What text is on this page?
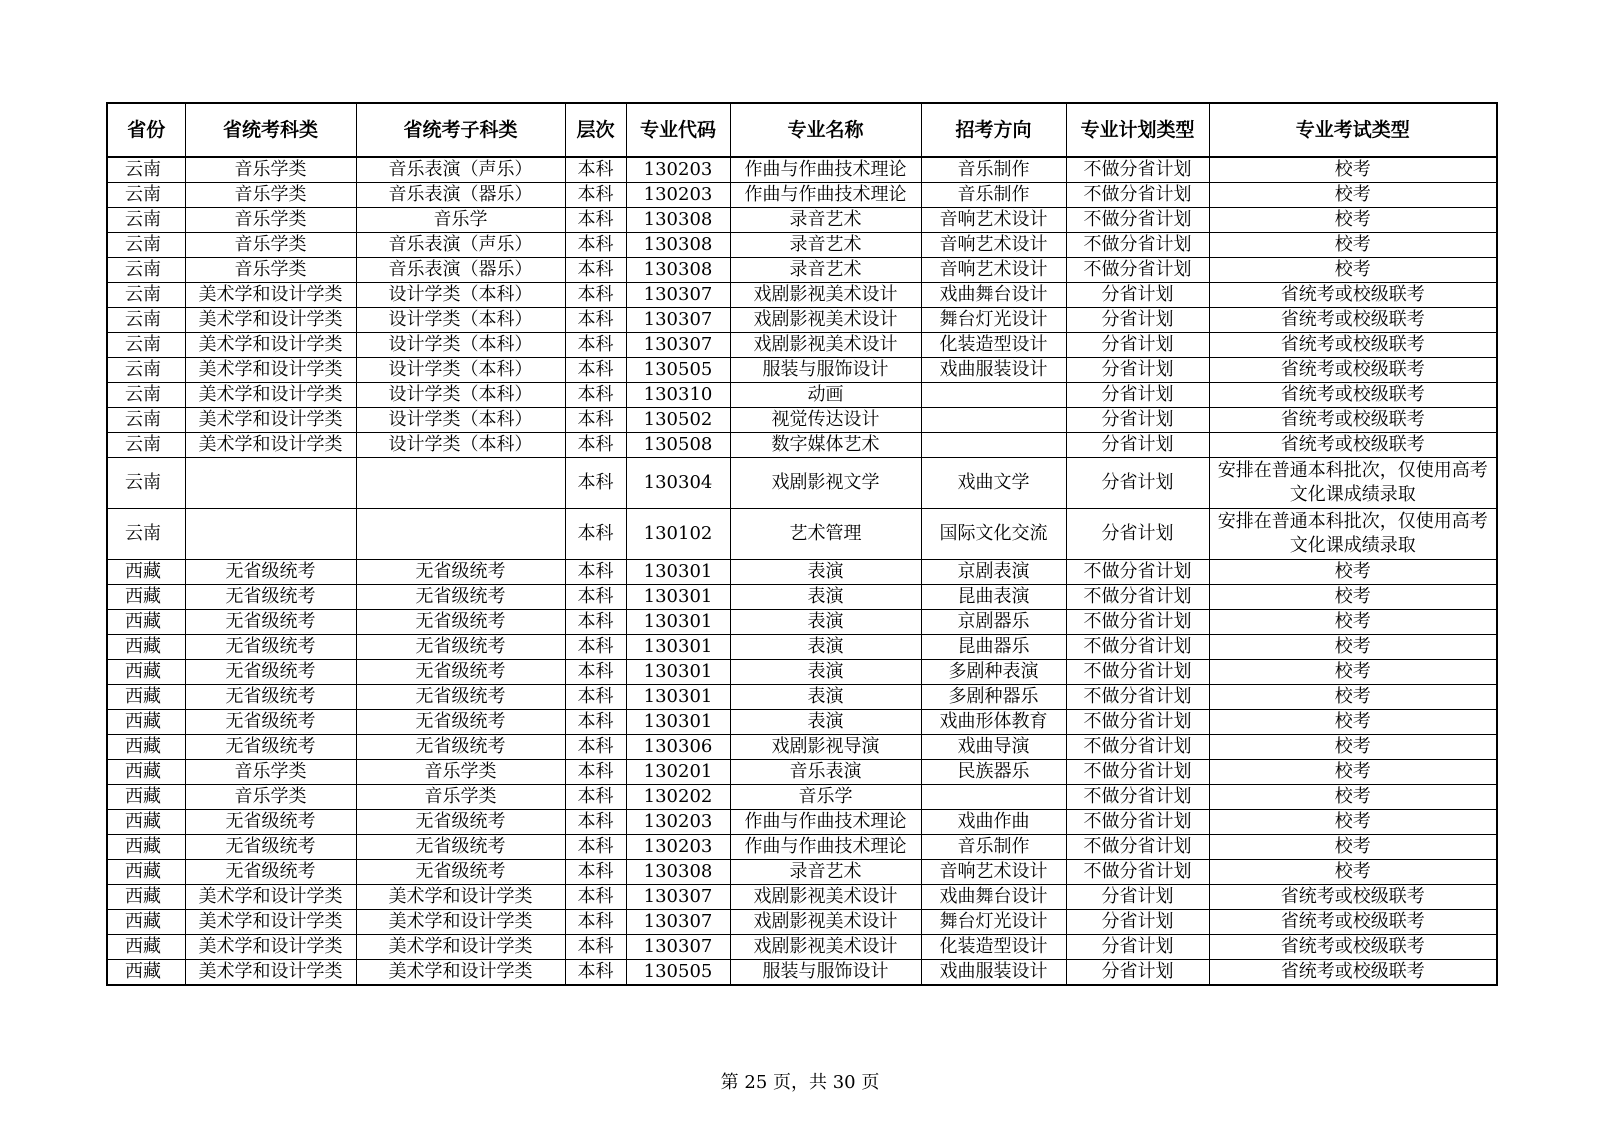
省份	省统考科类	省统考子科类	层次	专业代码	专业名称	招考方向	专业计划类型	专业考试类型
云南	音乐学类	音乐表演（声乐）	本科	130203	作曲与作曲技术理论	音乐制作	不做分省计划	校考
云南	音乐学类	音乐表演（器乐）	本科	130203	作曲与作曲技术理论	音乐制作	不做分省计划	校考
云南	音乐学类	音乐学	本科	130308	录音艺术	音响艺术设计	不做分省计划	校考
云南	音乐学类	音乐表演（声乐）	本科	130308	录音艺术	音响艺术设计	不做分省计划	校考
云南	音乐学类	音乐表演（器乐）	本科	130308	录音艺术	音响艺术设计	不做分省计划	校考
云南	美术学和设计学类	设计学类（本科）	本科	130307	戏剧影视美术设计	戏曲舞台设计	分省计划	省统考或校级联考
云南	美术学和设计学类	设计学类（本科）	本科	130307	戏剧影视美术设计	舞台灯光设计	分省计划	省统考或校级联考
云南	美术学和设计学类	设计学类（本科）	本科	130307	戏剧影视美术设计	化装造型设计	分省计划	省统考或校级联考
云南	美术学和设计学类	设计学类（本科）	本科	130505	服装与服饰设计	戏曲服装设计	分省计划	省统考或校级联考
云南	美术学和设计学类	设计学类（本科）	本科	130310	动画		分省计划	省统考或校级联考
云南	美术学和设计学类	设计学类（本科）	本科	130502	视觉传达设计		分省计划	省统考或校级联考
云南	美术学和设计学类	设计学类（本科）	本科	130508	数字媒体艺术		分省计划	省统考或校级联考
云南			本科	130304	戏剧影视文学	戏曲文学	分省计划	安排在普通本科批次，仅使用高考文化课成绩录取
云南			本科	130102	艺术管理	国际文化交流	分省计划	安排在普通本科批次，仅使用高考文化课成绩录取
西藏	无省级统考	无省级统考	本科	130301	表演	京剧表演	不做分省计划	校考
西藏	无省级统考	无省级统考	本科	130301	表演	昆曲表演	不做分省计划	校考
西藏	无省级统考	无省级统考	本科	130301	表演	京剧器乐	不做分省计划	校考
西藏	无省级统考	无省级统考	本科	130301	表演	昆曲器乐	不做分省计划	校考
西藏	无省级统考	无省级统考	本科	130301	表演	多剧种表演	不做分省计划	校考
西藏	无省级统考	无省级统考	本科	130301	表演	多剧种器乐	不做分省计划	校考
西藏	无省级统考	无省级统考	本科	130301	表演	戏曲形体教育	不做分省计划	校考
西藏	无省级统考	无省级统考	本科	130306	戏剧影视导演	戏曲导演	不做分省计划	校考
西藏	音乐学类	音乐学类	本科	130201	音乐表演	民族器乐	不做分省计划	校考
西藏	音乐学类	音乐学类	本科	130202	音乐学		不做分省计划	校考
西藏	无省级统考	无省级统考	本科	130203	作曲与作曲技术理论	戏曲作曲	不做分省计划	校考
西藏	无省级统考	无省级统考	本科	130203	作曲与作曲技术理论	音乐制作	不做分省计划	校考
西藏	无省级统考	无省级统考	本科	130308	录音艺术	音响艺术设计	不做分省计划	校考
西藏	美术学和设计学类	美术学和设计学类	本科	130307	戏剧影视美术设计	戏曲舞台设计	分省计划	省统考或校级联考
西藏	美术学和设计学类	美术学和设计学类	本科	130307	戏剧影视美术设计	舞台灯光设计	分省计划	省统考或校级联考
西藏	美术学和设计学类	美术学和设计学类	本科	130307	戏剧影视美术设计	化装造型设计	分省计划	省统考或校级联考
西藏	美术学和设计学类	美术学和设计学类	本科	130505	服装与服饰设计	戏曲服装设计	分省计划	省统考或校级联考
第 25 页，共 30 页
